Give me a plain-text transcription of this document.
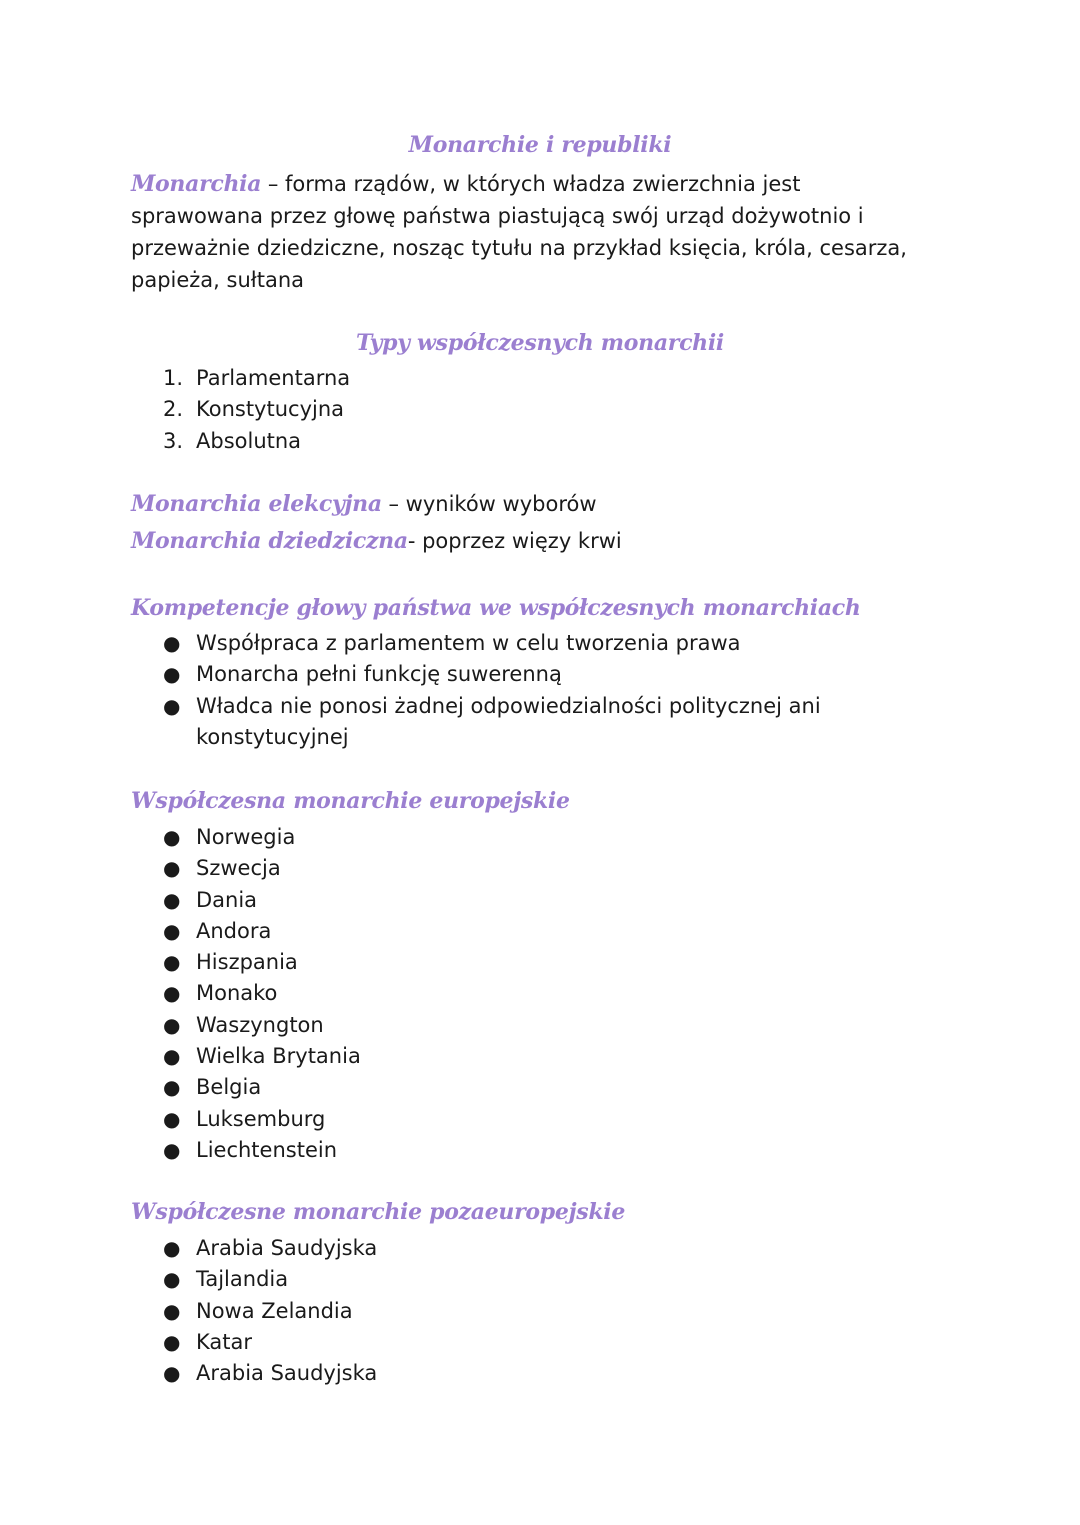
Monarchie i republiki
Monarchia – forma rządów, w których władza zwierzchnia jest sprawowana przez głowę państwa piastującą swój urząd dożywotnio i przeważnie dziedziczne, nosząc tytułu na przykład księcia, króla, cesarza, papieża, sułtana
Typy współczesnych monarchii
1. Parlamentarna
2. Konstytucyjna
3. Absolutna
Monarchia elekcyjna – wyników wyborów
Monarchia dziedziczna- poprzez więzy krwi
Kompetencje głowy państwa we współczesnych monarchiach
● Współpraca z parlamentem w celu tworzenia prawa
● Monarcha pełni funkcję suwerenną
● Władca nie ponosi żadnej odpowiedzialności politycznej ani konstytucyjnej
Współczesna monarchie europejskie
● Norwegia
● Szwecja
● Dania
● Andora
● Hiszpania
● Monako
● Waszyngton
● Wielka Brytania
● Belgia
● Luksemburg
● Liechtenstein
Współczesne monarchie pozaeuropejskie
● Arabia Saudyjska
● Tajlandia
● Nowa Zelandia
● Katar
● Arabia Saudyjska
